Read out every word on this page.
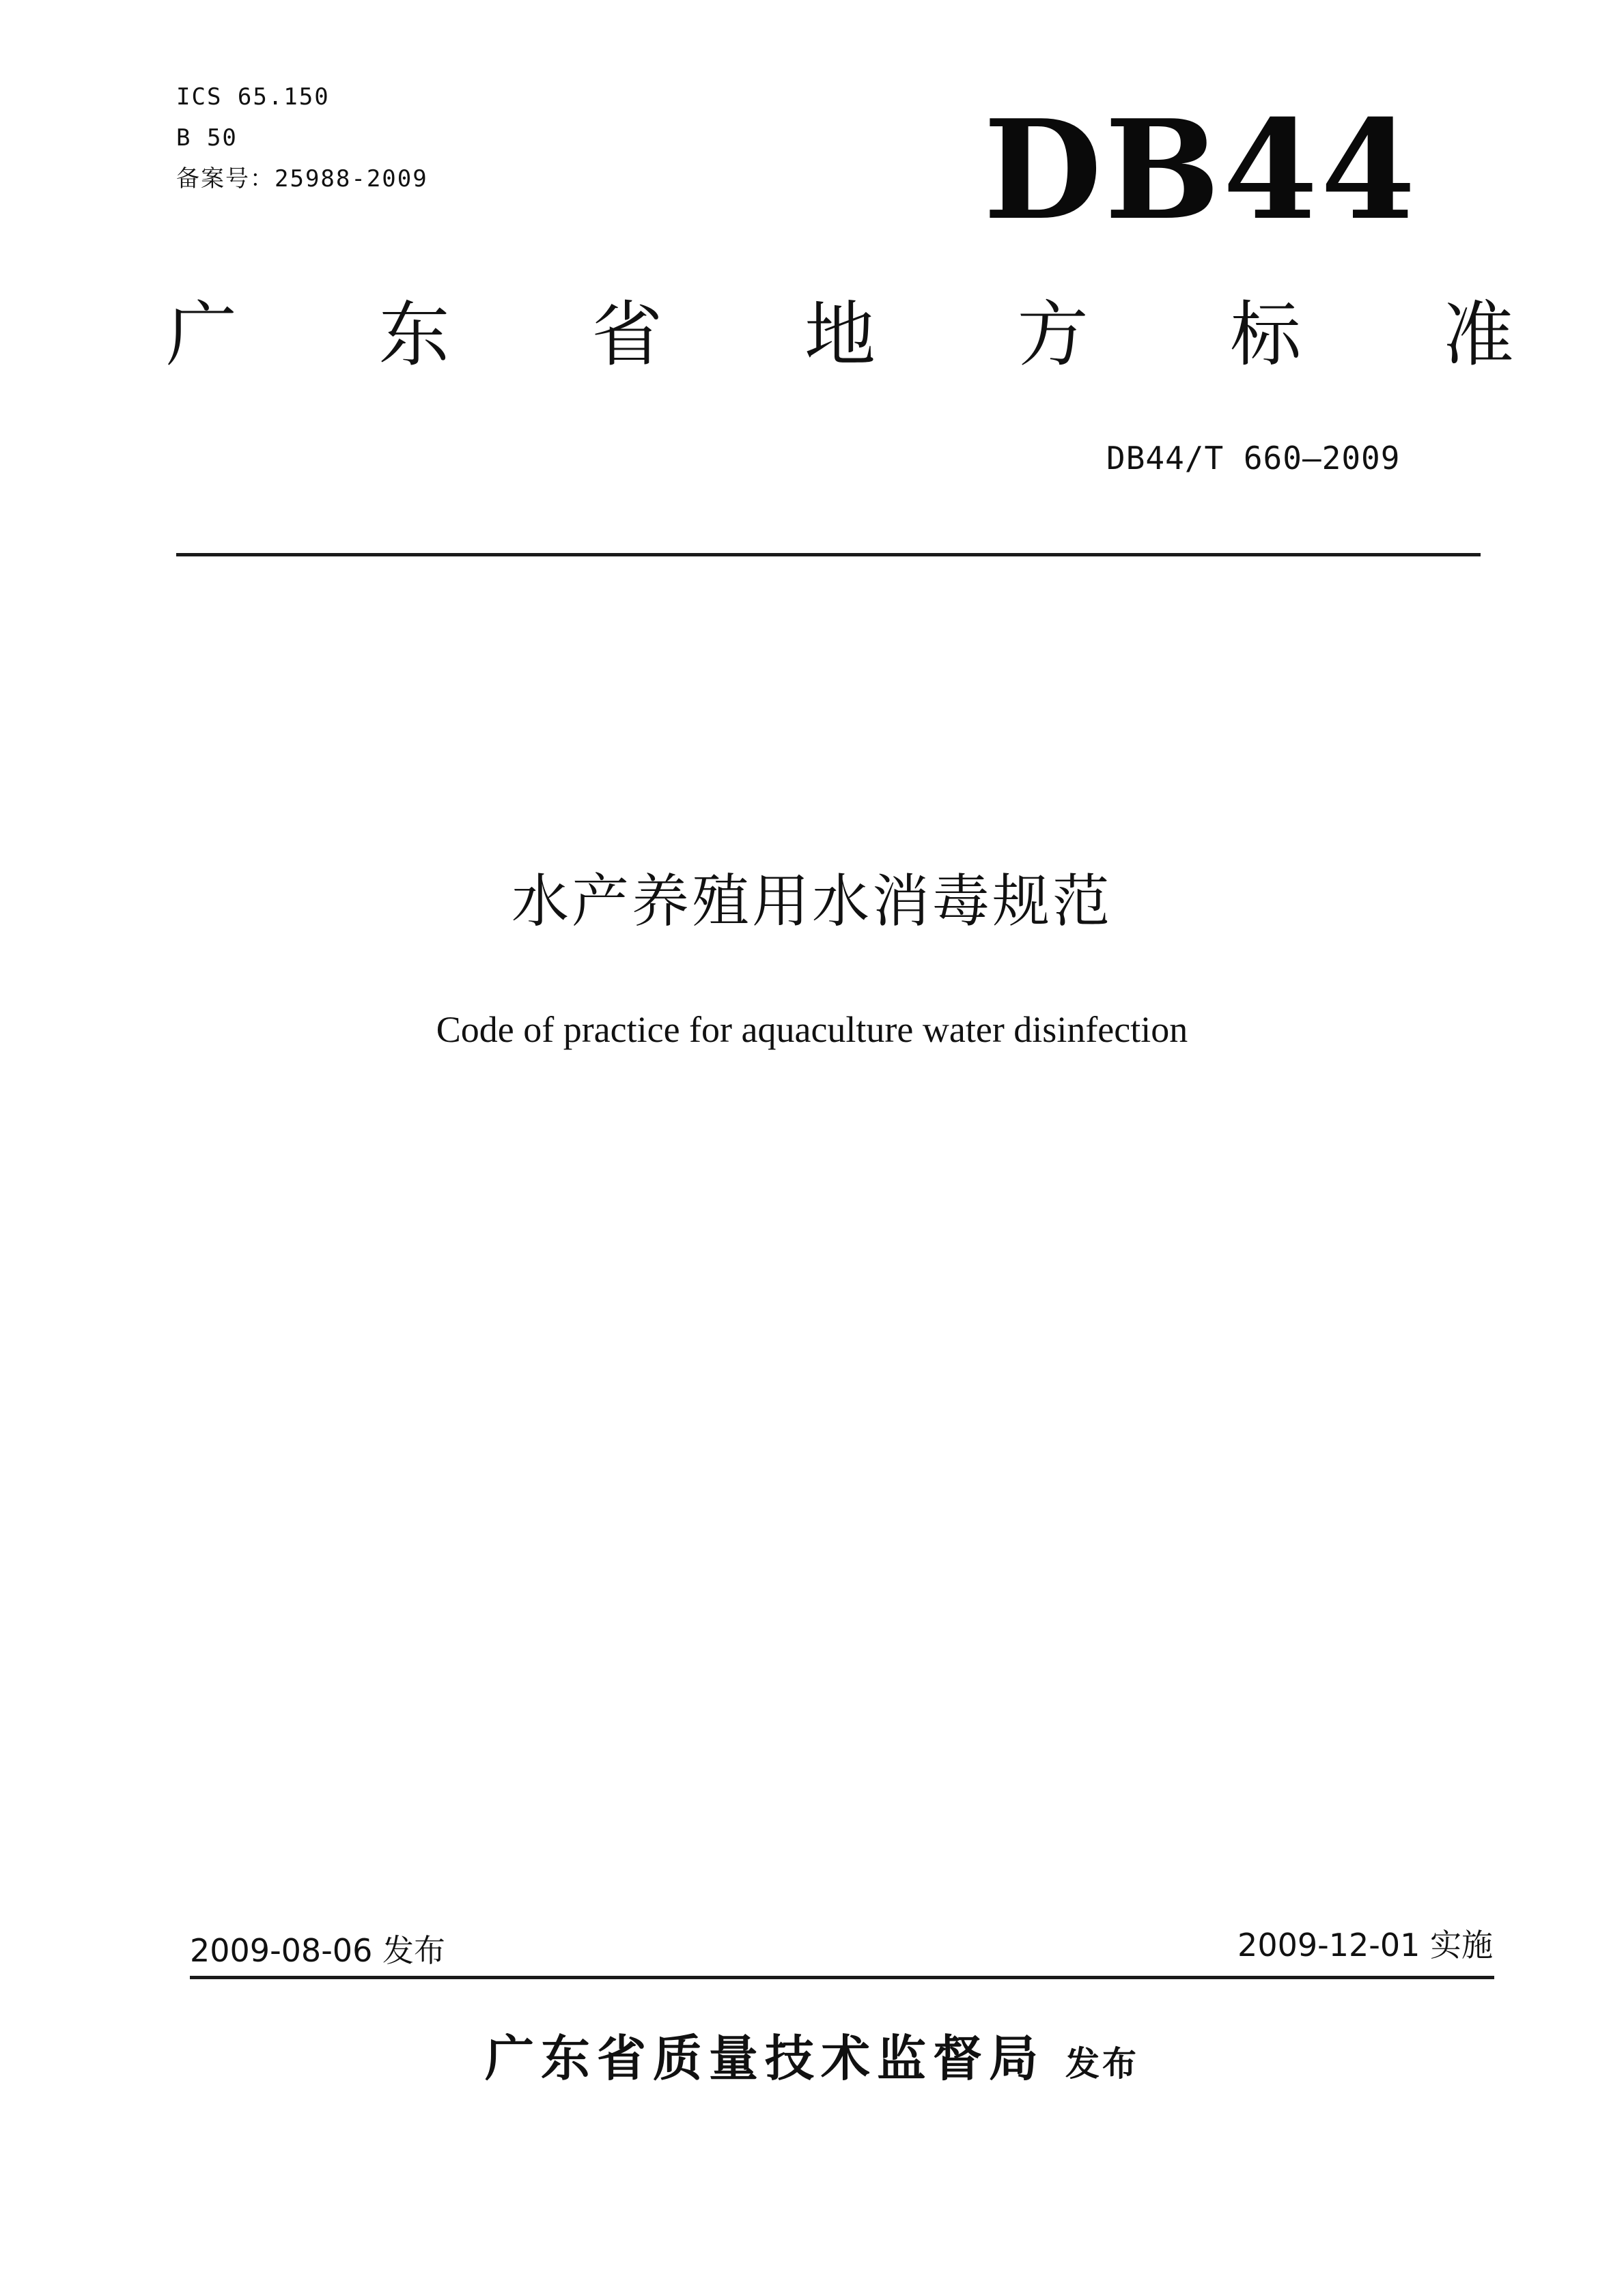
ICS 65.150
B 50
备案号：25988-2009	DB44
广 东 省 地 方 标 准
DB44/T 660—2009
水产养殖用水消毒规范
Code of practice for aquaculture water disinfection
2009-08-06 发布	2009-12-01 实施
广东省质量技术监督局 发布
